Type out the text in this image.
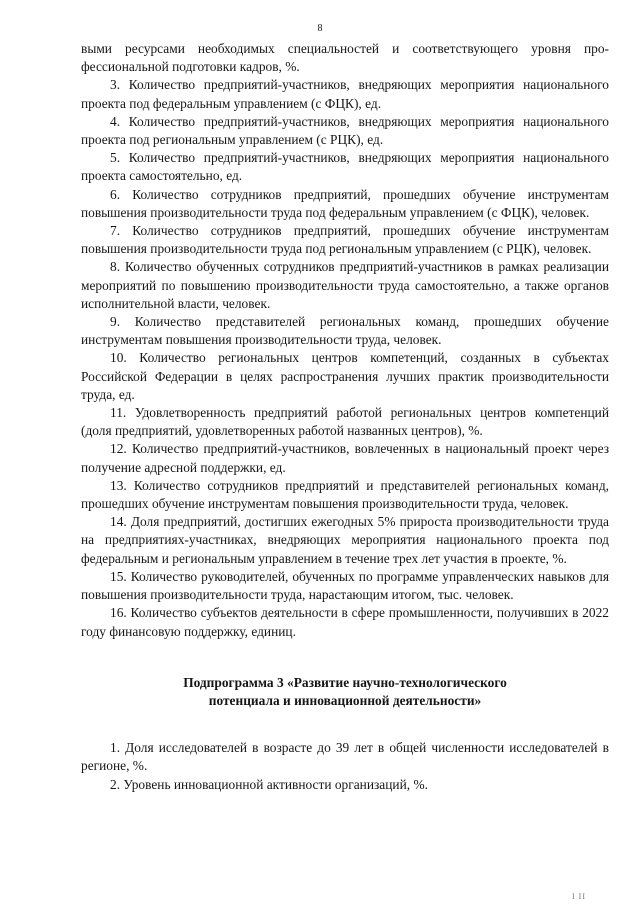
8

выми ресурсами необходимых специальностей и соответствующего уровня профессиональной подготовки кадров, %.

3. Количество предприятий-участников, внедряющих мероприятия национального проекта под федеральным управлением (с ФЦК), ед.

4. Количество предприятий-участников, внедряющих мероприятия национального проекта под региональным управлением (с РЦК), ед.

5. Количество предприятий-участников, внедряющих мероприятия национального проекта самостоятельно, ед.

6. Количество сотрудников предприятий, прошедших обучение инструментам повышения производительности труда под федеральным управлением (с ФЦК), человек.

7. Количество сотрудников предприятий, прошедших обучение инструментам повышения производительности труда под региональным управлением (с РЦК), человек.

8. Количество обученных сотрудников предприятий-участников в рамках реализации мероприятий по повышению производительности труда самостоятельно, а также органов исполнительной власти, человек.

9. Количество представителей региональных команд, прошедших обучение инструментам повышения производительности труда, человек.

10. Количество региональных центров компетенций, созданных в субъектах Российской Федерации в целях распространения лучших практик производительности труда, ед.

11. Удовлетворенность предприятий работой региональных центров компетенций (доля предприятий, удовлетворенных работой названных центров), %.

12. Количество предприятий-участников, вовлеченных в национальный проект через получение адресной поддержки, ед.

13. Количество сотрудников предприятий и представителей региональных команд, прошедших обучение инструментам повышения производительности труда, человек.

14. Доля предприятий, достигших ежегодных 5% прироста производительности труда на предприятиях-участниках, внедряющих мероприятия национального проекта под федеральным и региональным управлением в течение трех лет участия в проекте, %.

15. Количество руководителей, обученных по программе управленческих навыков для повышения производительности труда, нарастающим итогом, тыс. человек.

16. Количество субъектов деятельности в сфере промышленности, получивших в 2022 году финансовую поддержку, единиц.

Подпрограмма 3 «Развитие научно-технологического
потенциала и инновационной деятельности»

1. Доля исследователей в возрасте до 39 лет в общей численности исследователей в регионе, %.

2. Уровень инновационной активности организаций, %.

I II
